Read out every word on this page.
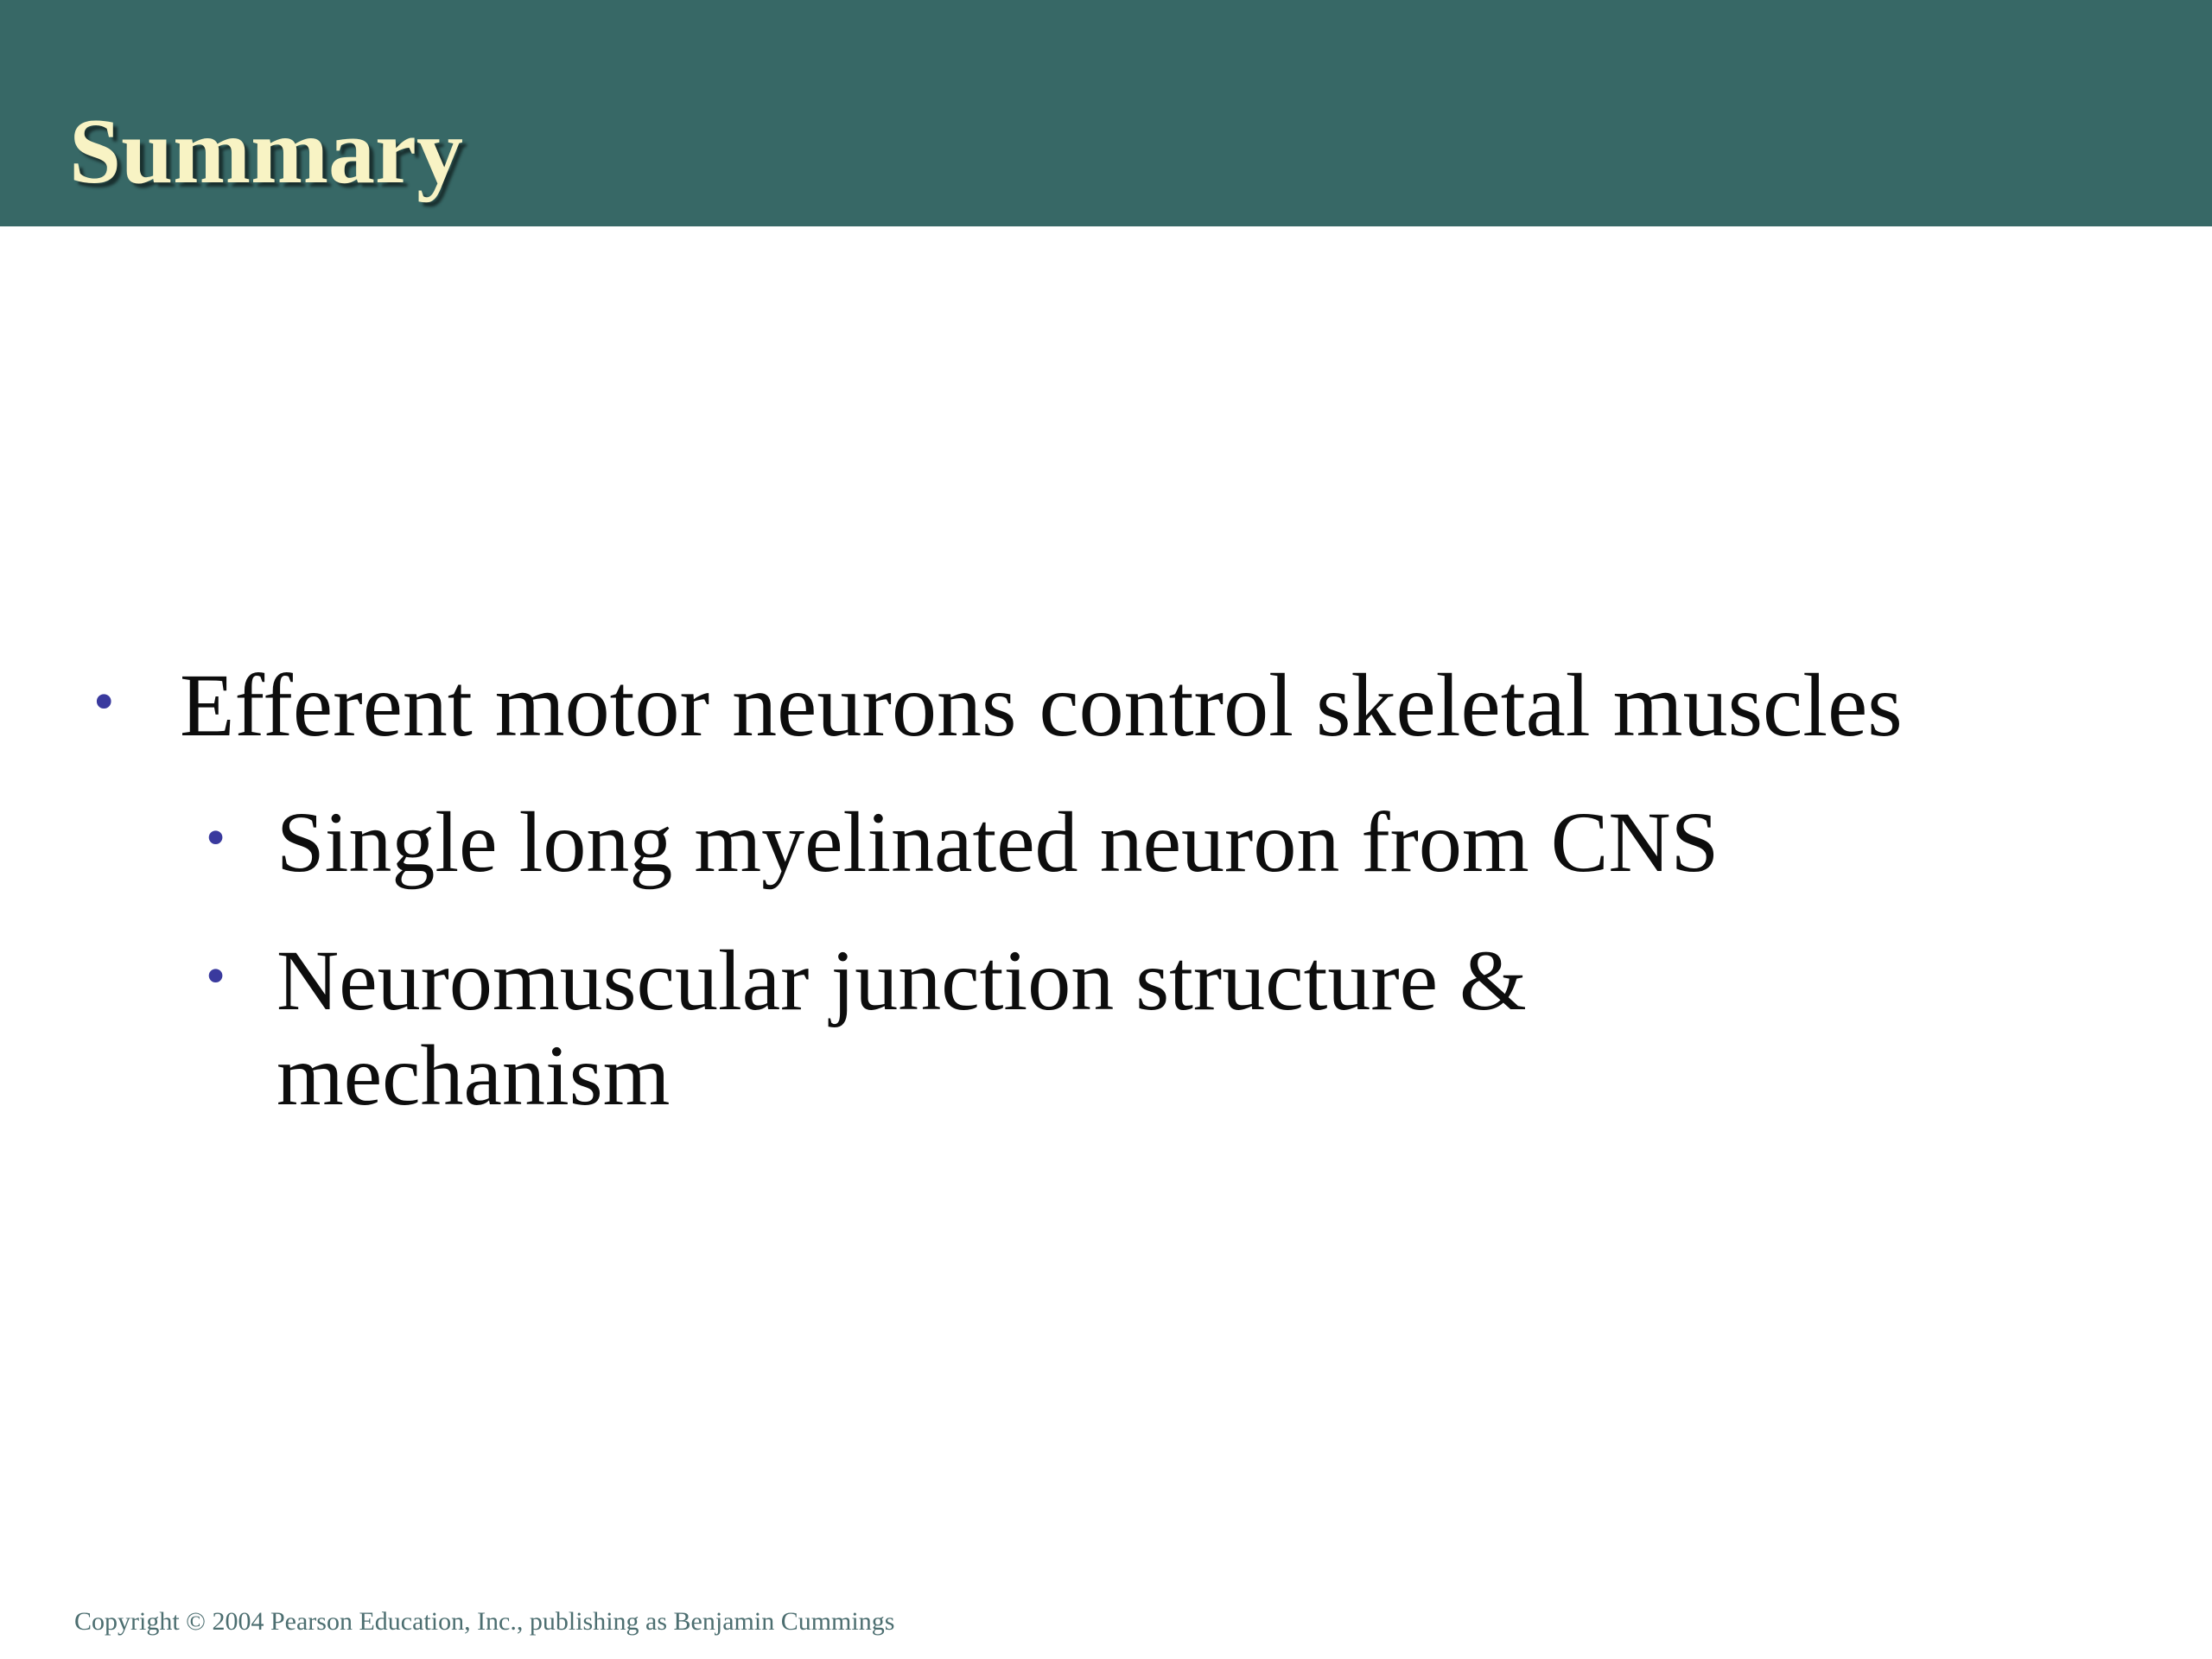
Summary
• Efferent motor neurons control skeletal muscles
• Single long myelinated neuron from CNS
• Neuromuscular junction structure & mechanism
Copyright © 2004 Pearson Education, Inc., publishing as Benjamin Cummings
